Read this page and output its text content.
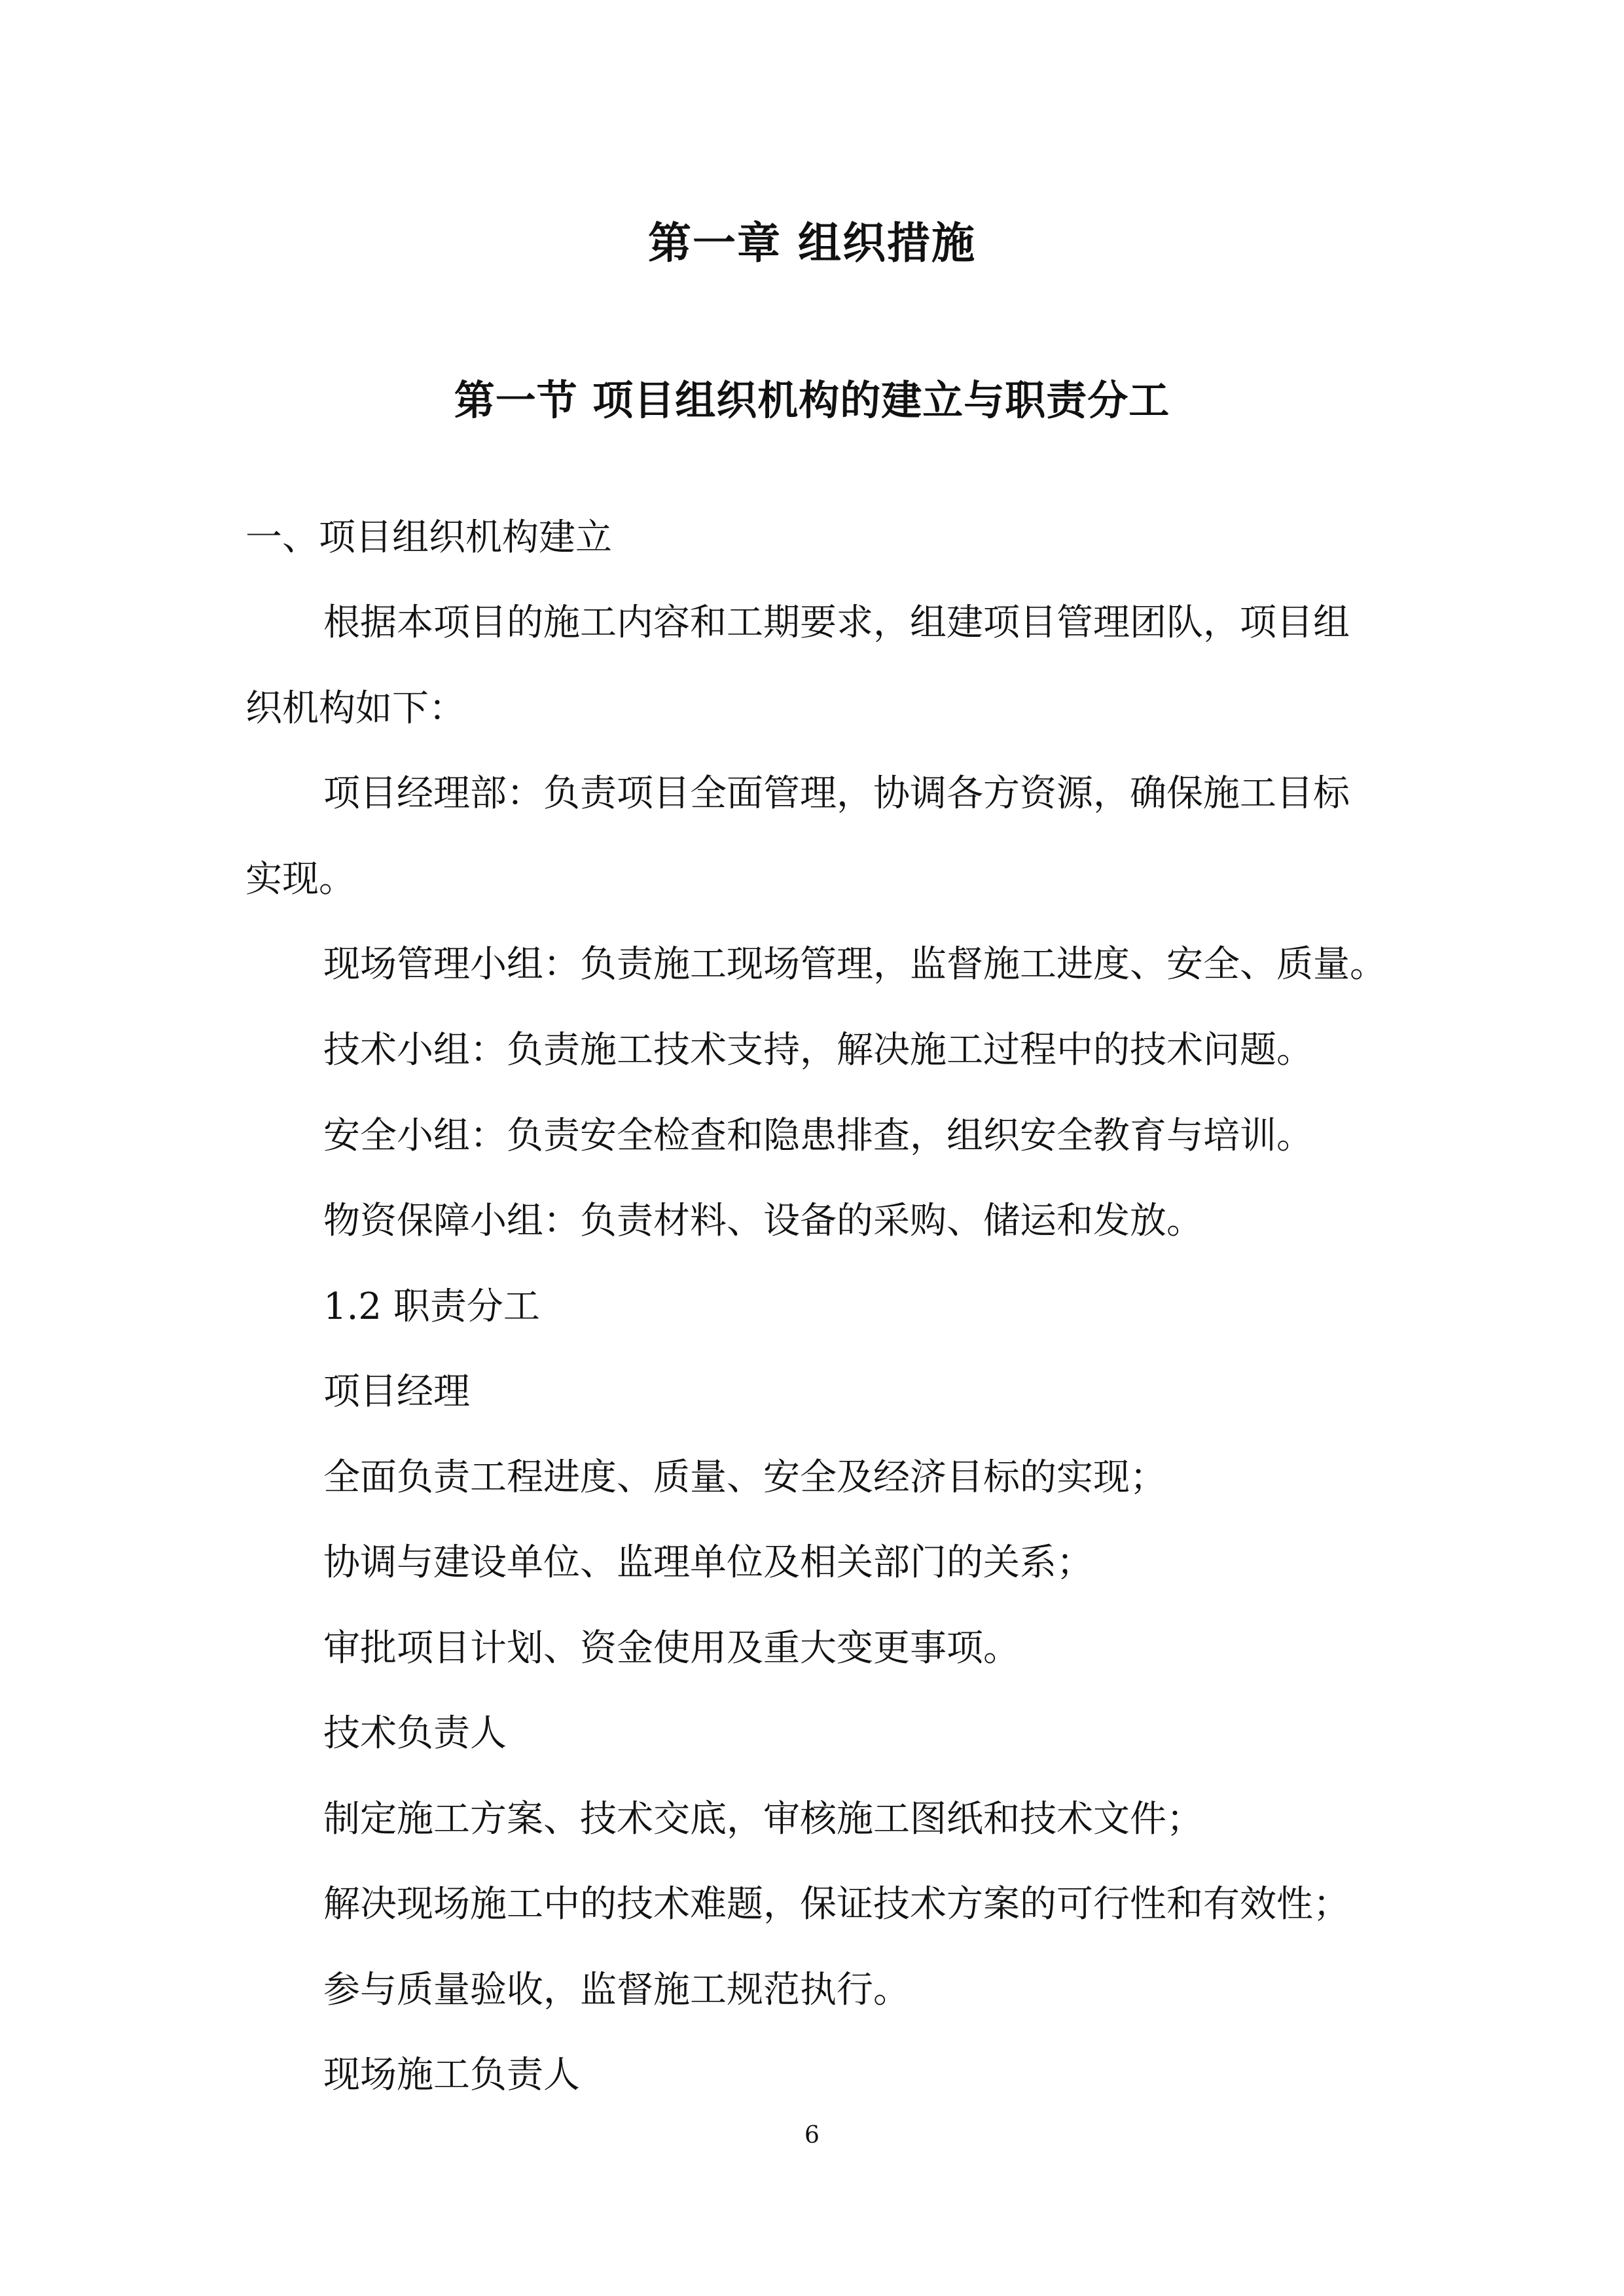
第一章 组织措施
第一节 项目组织机构的建立与职责分工

一、项目组织机构建立

根据本项目的施工内容和工期要求，组建项目管理团队，项目组

织机构如下：

项目经理部：负责项目全面管理，协调各方资源，确保施工目标

实现。

现场管理小组：负责施工现场管理，监督施工进度、安全、质量。

技术小组：负责施工技术支持，解决施工过程中的技术问题。

安全小组：负责安全检查和隐患排查，组织安全教育与培训。

物资保障小组：负责材料、设备的采购、储运和发放。

1.2 职责分工

项目经理

全面负责工程进度、质量、安全及经济目标的实现；

协调与建设单位、监理单位及相关部门的关系；

审批项目计划、资金使用及重大变更事项。

技术负责人

制定施工方案、技术交底，审核施工图纸和技术文件；

解决现场施工中的技术难题，保证技术方案的可行性和有效性；

参与质量验收，监督施工规范执行。

现场施工负责人

6
